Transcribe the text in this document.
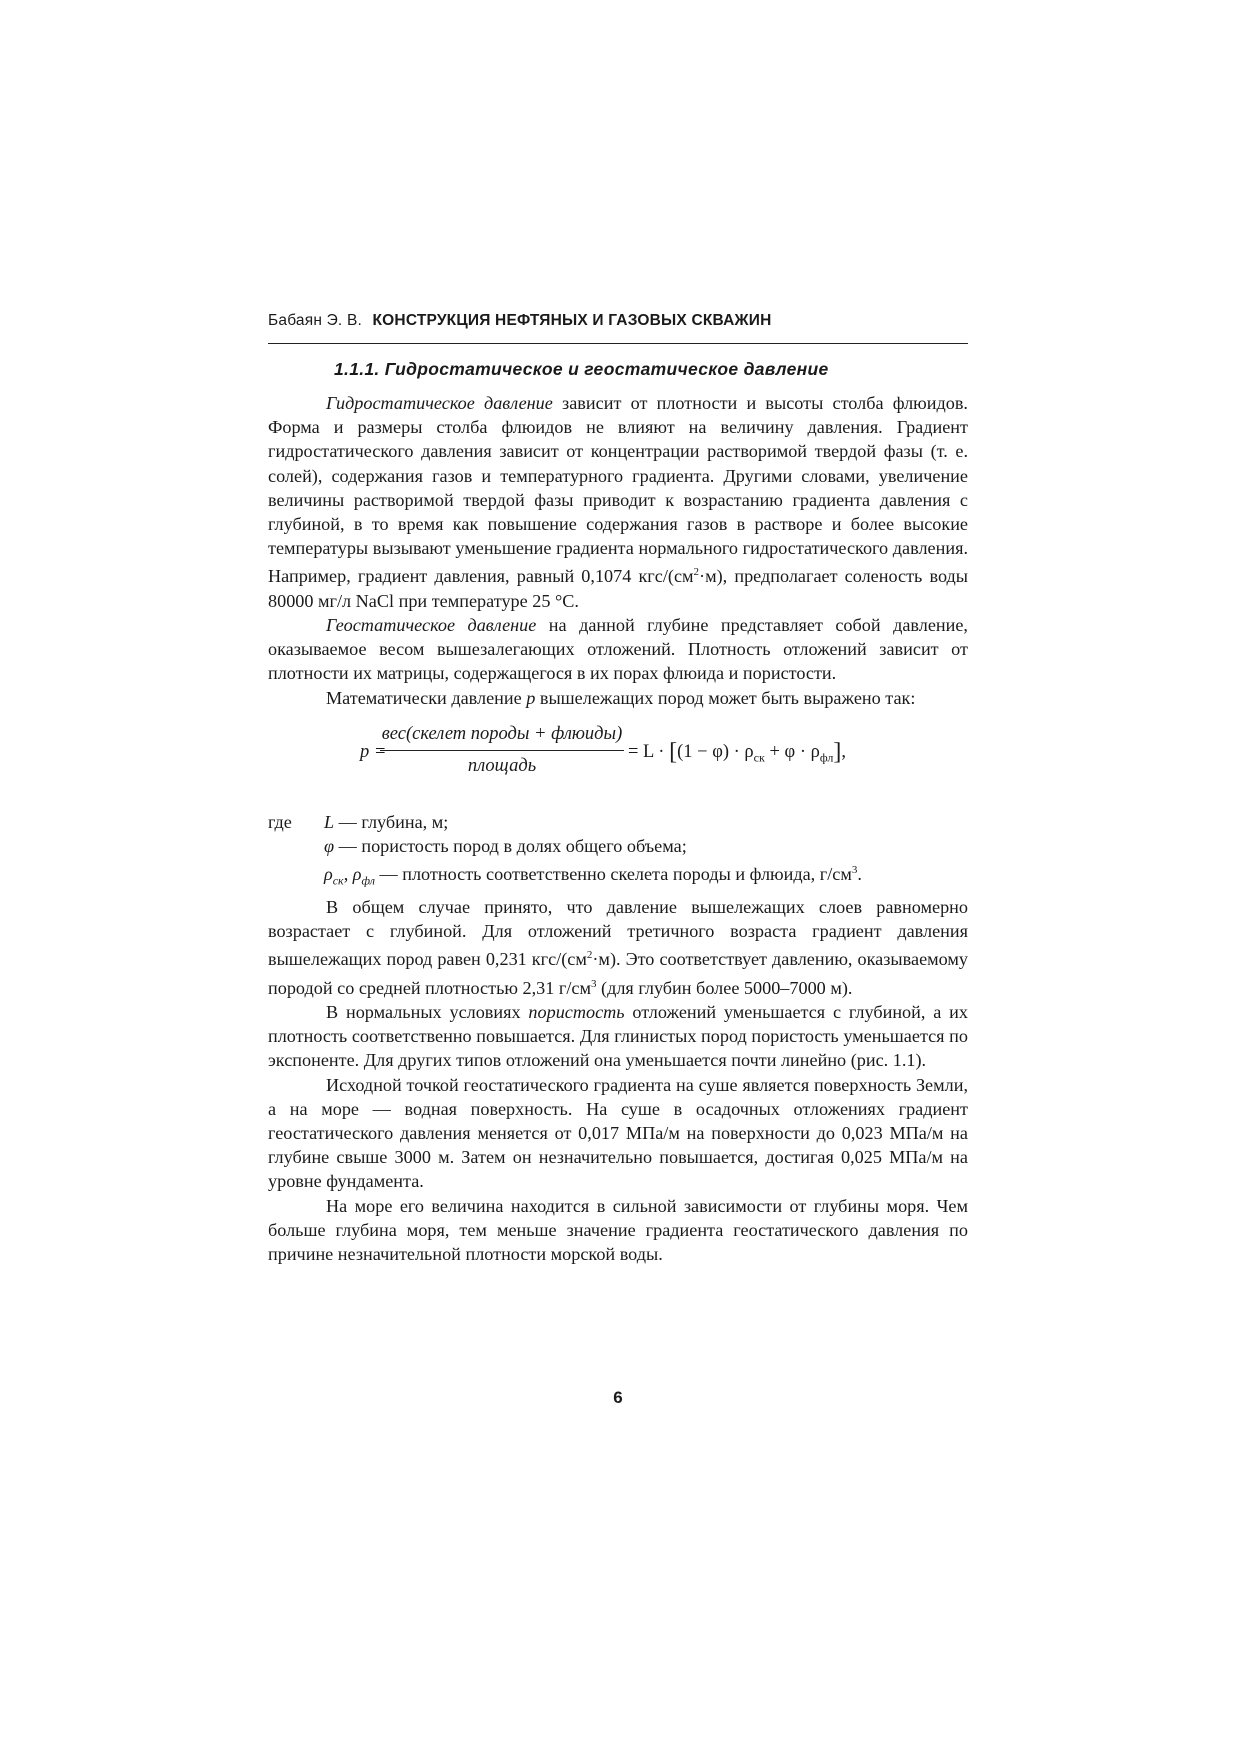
Бабаян Э. В. КОНСТРУКЦИЯ НЕФТЯНЫХ И ГАЗОВЫХ СКВАЖИН
1.1.1. Гидростатическое и геостатическое давление

Гидростатическое давление зависит от плотности и высоты столба флюидов. Форма и размеры столба флюидов не влияют на величину давления. Градиент гидростатического давления зависит от концентрации растворимой твердой фазы (т. е. солей), содержания газов и температурного градиента. Другими словами, увеличение величины растворимой твердой фазы приводит к возрастанию градиента давления с глубиной, в то время как повышение содержания газов в растворе и более высокие температуры вызывают уменьшение градиента нормального гидростатического давления. Например, градиент давления, равный 0,1074 кгс/$(см^2\cdot м)$, предполагает соленость воды 80000 мг/л NaCl при температуре 25 °С.

Геостатическое давление на данной глубине представляет собой давление, оказываемое весом вышезалегающих отложений. Плотность отложений зависит от плотности их матрицы, содержащегося в их порах флюида и пористости.

Математически давление p вышележащих пород может быть выражено так:

p =
вес(скелет породы + флюиды)
площадь
= $L \cdot [(1 - \varphi) \cdot \rho_{ск} + \varphi \cdot \rho_{фл}]$,
где L — глубина, м;
φ — пористость пород в долях общего объема;
$\rho_{ск}$, $\rho_{фл}$ — плотность соответственно скелета породы и флюида, $г/см^3$.

В общем случае принято, что давление вышележащих слоев равномерно возрастает с глубиной. Для отложений третичного возраста градиент давления вышележащих пород равен 0,231 кгс/$(см^2\cdot м)$. Это соответствует давлению, оказываемому породой со средней плотностью 2,31 $г/см^3$ (для глубин более 5000–7000 м).

В нормальных условиях пористость отложений уменьшается с глубиной, а их плотность соответственно повышается. Для глинистых пород пористость уменьшается по экспоненте. Для других типов отложений она уменьшается почти линейно (рис. 1.1).

Исходной точкой геостатического градиента на суше является поверхность Земли, а на море — водная поверхность. На суше в осадочных отложениях градиент геостатического давления меняется от 0,017 МПа/м на поверхности до 0,023 МПа/м на глубине свыше 3000 м. Затем он незначительно повышается, достигая 0,025 МПа/м на уровне фундамента.

На море его величина находится в сильной зависимости от глубины моря. Чем больше глубина моря, тем меньше значение градиента геостатического давления по причине незначительной плотности морской воды.

6
